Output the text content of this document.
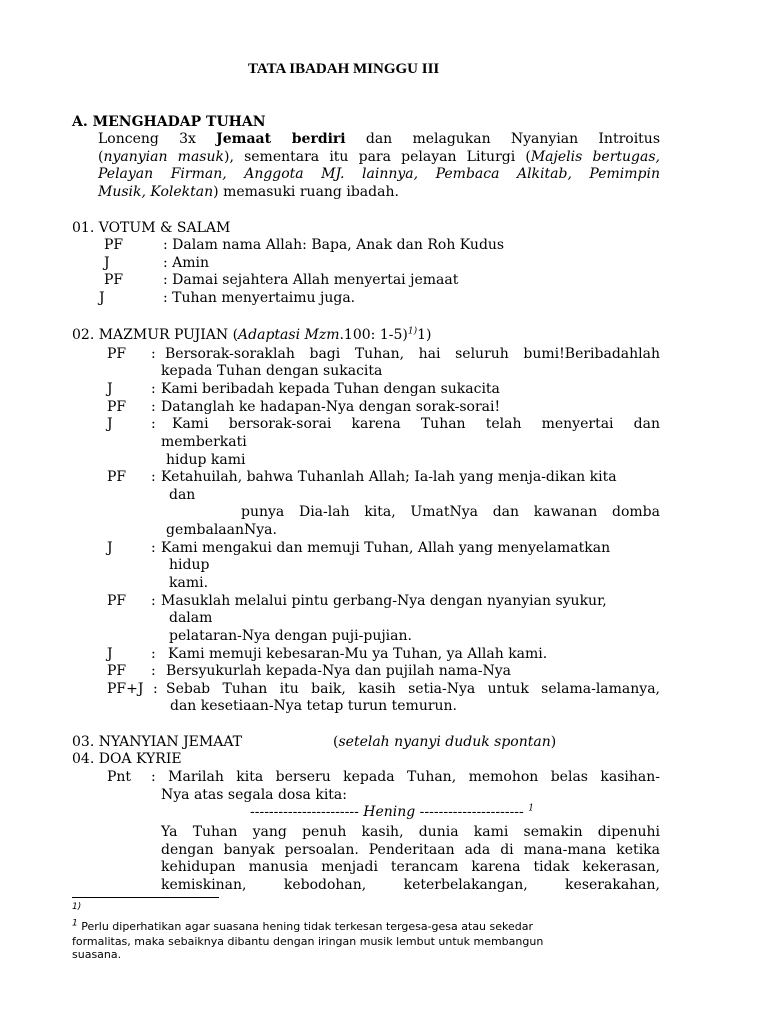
TATA IBADAH MINGGU III
A. MENGHADAP TUHAN
Lonceng 3x Jemaat berdiri dan melagukan Nyanyian Introitus
(nyanyian masuk), sementara itu para pelayan Liturgi (Majelis bertugas,
Pelayan Firman, Anggota MJ. lainnya, Pembaca Alkitab, Pemimpin
Musik, Kolektan) memasuki ruang ibadah.
01. VOTUM & SALAM
PF	: Dalam nama Allah: Bapa, Anak dan Roh Kudus
J	: Amin
PF	: Damai sejahtera Allah menyertai jemaat
J	: Tuhan menyertaimu juga.
02. MAZMUR PUJIAN (Adaptasi Mzm.100: 1-5)$^{1)}$1)
PF : Bersorak-soraklah bagi Tuhan, hai seluruh bumi!Beribadahlah
kepada Tuhan dengan sukacita
J	: Kami beribadah kepada Tuhan dengan sukacita
PF : Datanglah ke hadapan-Nya dengan sorak-sorai!
J	: Kami bersorak-sorai karena Tuhan telah menyertai dan
memberkati
hidup kami
PF : Ketahuilah, bahwa Tuhanlah Allah; Ia-lah yang menja-dikan kita
dan
punya Dia-lah kita, UmatNya dan kawanan domba
gembalaanNya.
J	: Kami mengakui dan memuji Tuhan, Allah yang menyelamatkan
hidup
kami.
PF : Masuklah melalui pintu gerbang-Nya dengan nyanyian syukur,
dalam
pelataran-Nya dengan puji-pujian.
J	: Kami memuji kebesaran-Mu ya Tuhan, ya Allah kami.
PF : Bersyukurlah kepada-Nya dan pujilah nama-Nya
PF+J : Sebab Tuhan itu baik, kasih setia-Nya untuk selama-lamanya,
dan kesetiaan-Nya tetap turun temurun.
03. NYANYIAN JEMAAT	(setelah nyanyi duduk spontan)
04. DOA KYRIE
Pnt : Marilah kita berseru kepada Tuhan, memohon belas kasihan-
Nya atas segala dosa kita:
----------------------- Hening ---------------------- $^1$
Ya Tuhan yang penuh kasih, dunia kami semakin dipenuhi
dengan banyak persoalan. Penderitaan ada di mana-mana ketika
kehidupan manusia menjadi terancam karena tidak kekerasan,
kemiskinan, kebodohan, keterbelakangan, keserakahan,
1)
$^1$ Perlu diperhatikan agar suasana hening tidak terkesan tergesa-gesa atau sekedar
formalitas, maka sebaiknya dibantu dengan iringan musik lembut untuk membangun
suasana.
